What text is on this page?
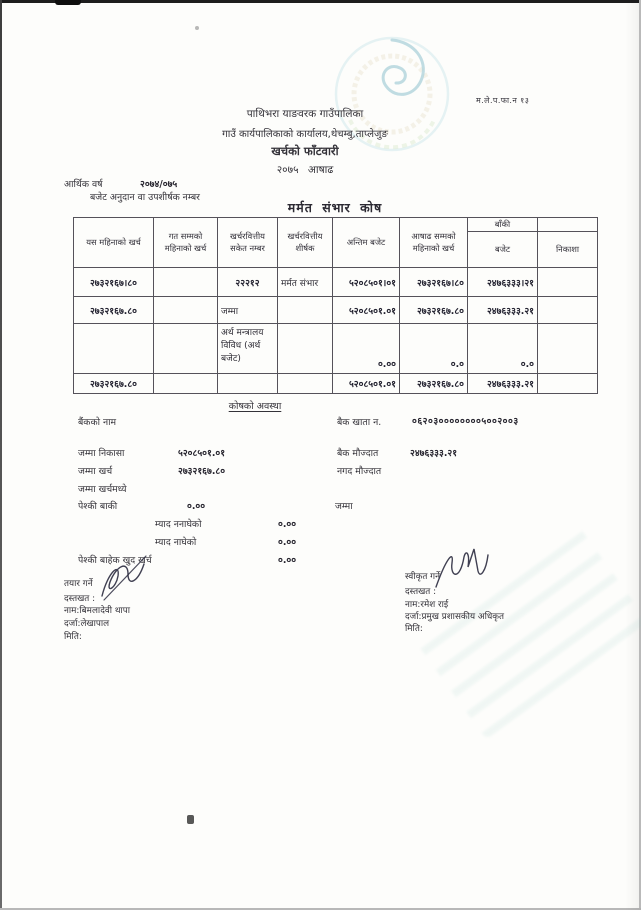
म.ले.प.फा.न १३
पाथिभरा याङवरक गाउँपालिका
गाउँ कार्यपालिकाको कार्यालय,थेचम्बु,ताप्लेजुङ
खर्चको फाँटवारी
२०७५ आषाढ
आर्थिक वर्ष	२०७४/०७५
बजेट अनुदान वा उपशीर्षक नम्बर
मर्मत संभार कोष
यस महिनाको खर्च	गत सम्मको महिनाको खर्च	खर्चरवित्तीय सकेत नम्बर	खर्चरवित्तीय शीर्षक	अन्तिम बजेट	आषाढ सम्मको महिनाको खर्च	बाँकी	
						बजेट	निकाशा
२७३२१६७।८०		२२२१२	मर्मत संभार	५२०८५०१।०१	२७३२१६७।८०	२४७६३३३।२१	
२७३२१६७.८०		जम्मा		५२०८५०१.०१	२७३२१६७.८०	२४७६३३३.२१	
		अर्थ मन्त्रालय विविध (अर्थ बजेट)		०.००	०.०	०.०	
२७३२१६७.८०				५२०८५०१.०१	२७३२१६७.८०	२४७६३३३.२१	
कोषको अवस्था
बैंकको नाम	बैक खाता न.	०६२०३००००००००५००२००३
जम्मा निकासा	५२०८५०१.०१	बैक मौज्दात	२४७६३३३.२१
जम्मा खर्च	२७३२१६७.८०	नगद मौज्दात
जम्मा खर्चमध्ये
पेश्की बाकी	०.००	जम्मा
म्याद ननाघेको	०.००
म्याद नाघेको	०.००
पेश्की बाहेक खुद खर्च	०.००
तयार गर्ने
दस्तखत :
नाम:बिमलादेवी थापा
दर्जा:लेखापाल
मिति:
स्वीकृत गर्ने
दस्तखत :
नाम:रमेश राई
दर्जा:प्रमुख प्रशासकीय अधिकृत
मिति:
